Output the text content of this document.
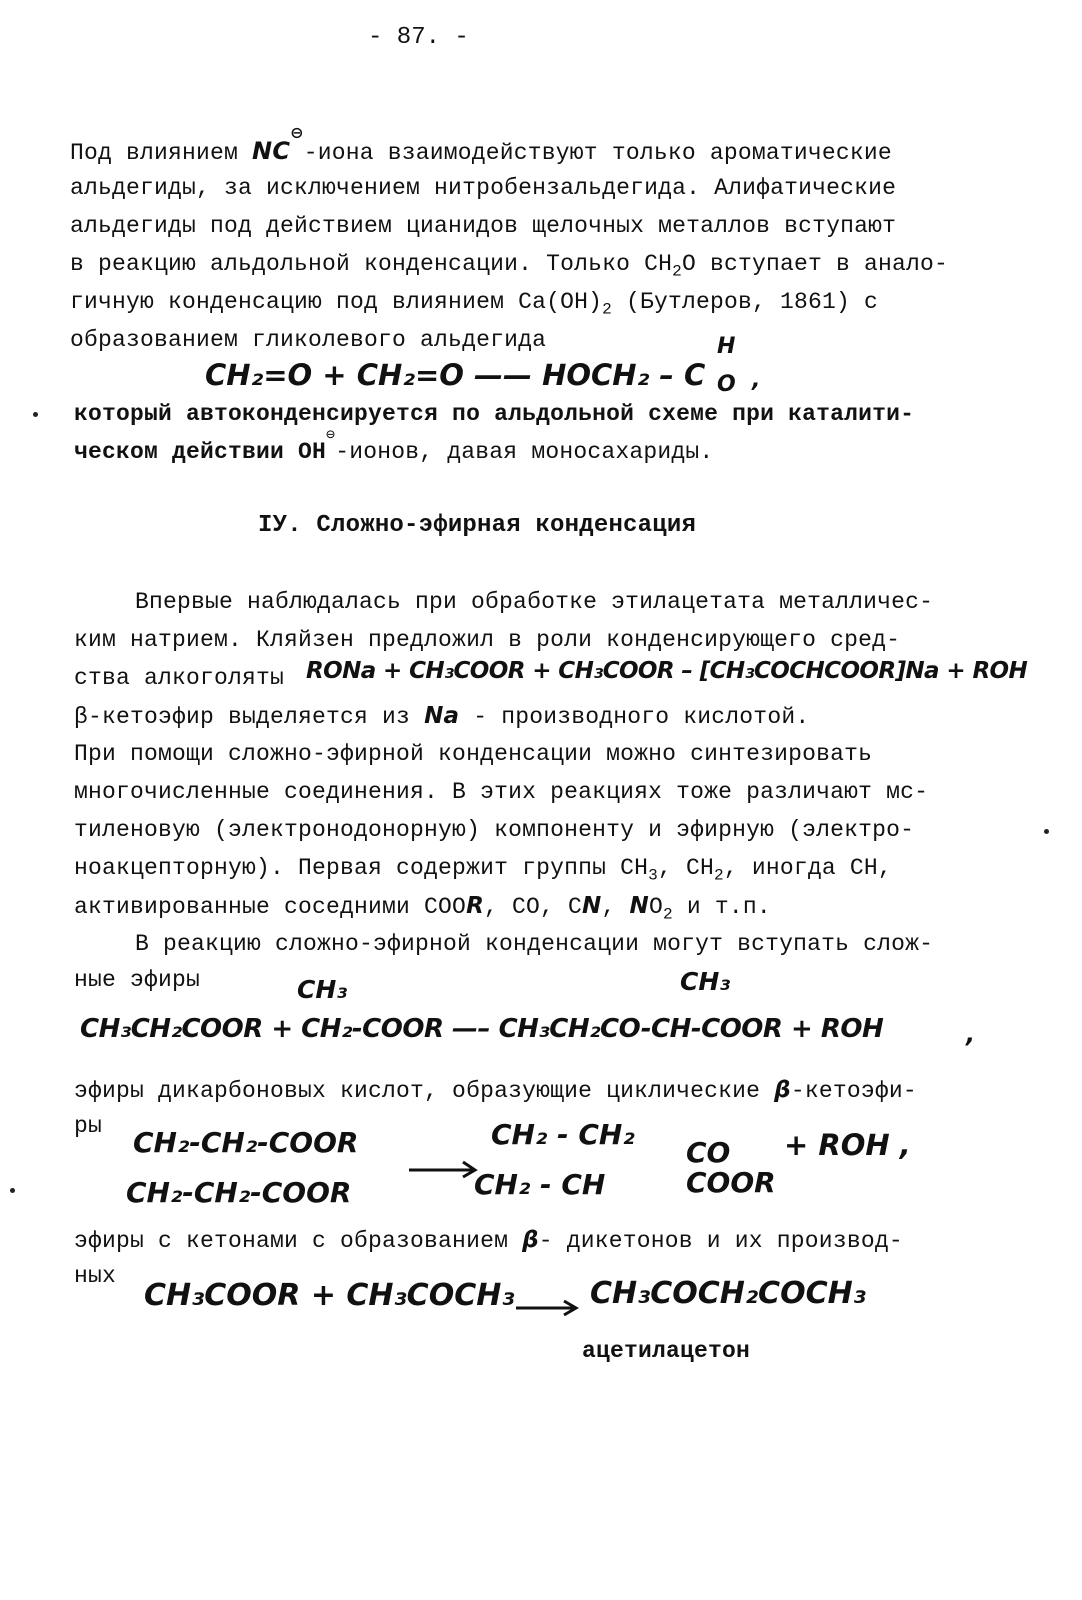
- 87. -
Под влиянием NC⊖-иона взаимодействуют только ароматические
альдегиды, за исключением нитробензальдегида. Алифатические
альдегиды под действием цианидов щелочных металлов вступают
в реакцию альдольной конденсации. Только $CH_2O$ вступает в анало-
гичную конденсацию под влиянием $Ca(OH)_2$ (Бутлеров, 1861) с
образованием гликолевого альдегида
CH₂=O + CH₂=O —— HOCH₂ – C
H
O ,
который автоконденсируется по альдольной схеме при каталити-
ческом действии OH⊖-ионов, давая моносахариды.
IУ. Сложно-эфирная конденсация
Впервые наблюдалась при обработке этилацетата металличес-
ким натрием. Кляйзен предложил в роли конденсирующего сред-
ства алкоголяты RONa + CH₃COOR + CH₃COOR – [CH₃COCHCOOR]Na + ROH
β-кетоэфир выделяется из Na - производного кислотой.
При помощи сложно-эфирной конденсации можно синтезировать
многочисленные соединения. В этих реакциях тоже различают мс-
тиленовую (электронодонорную) компоненту и эфирную (электро-
ноакцепторную). Первая содержит группы $CH_3$, $CH_2$, иногда CH,
активированные соседними COOR, CO, CN, $NO_2$ и т.п.
В реакцию сложно-эфирной конденсации могут вступать слож-
ные эфиры	CH₃	CH₃
CH₃CH₂COOR + CH₂-COOR —– CH₃CH₂CO-CH-COOR + ROH	,
эфиры дикарбоновых кислот, образующие циклические β-кетоэфи-
ры CH₂-CH₂-COOR
CH₂-CH₂-COOR
CH₂ - CH₂
CO
CH₂ - CH	COOR
+ ROH ,
эфиры с кетонами с образованием β- дикетонов и их производ-
ных
CH₃COOR + CH₃COCH₃	CH₃COCH₂COCH₃
ацетилацетон
